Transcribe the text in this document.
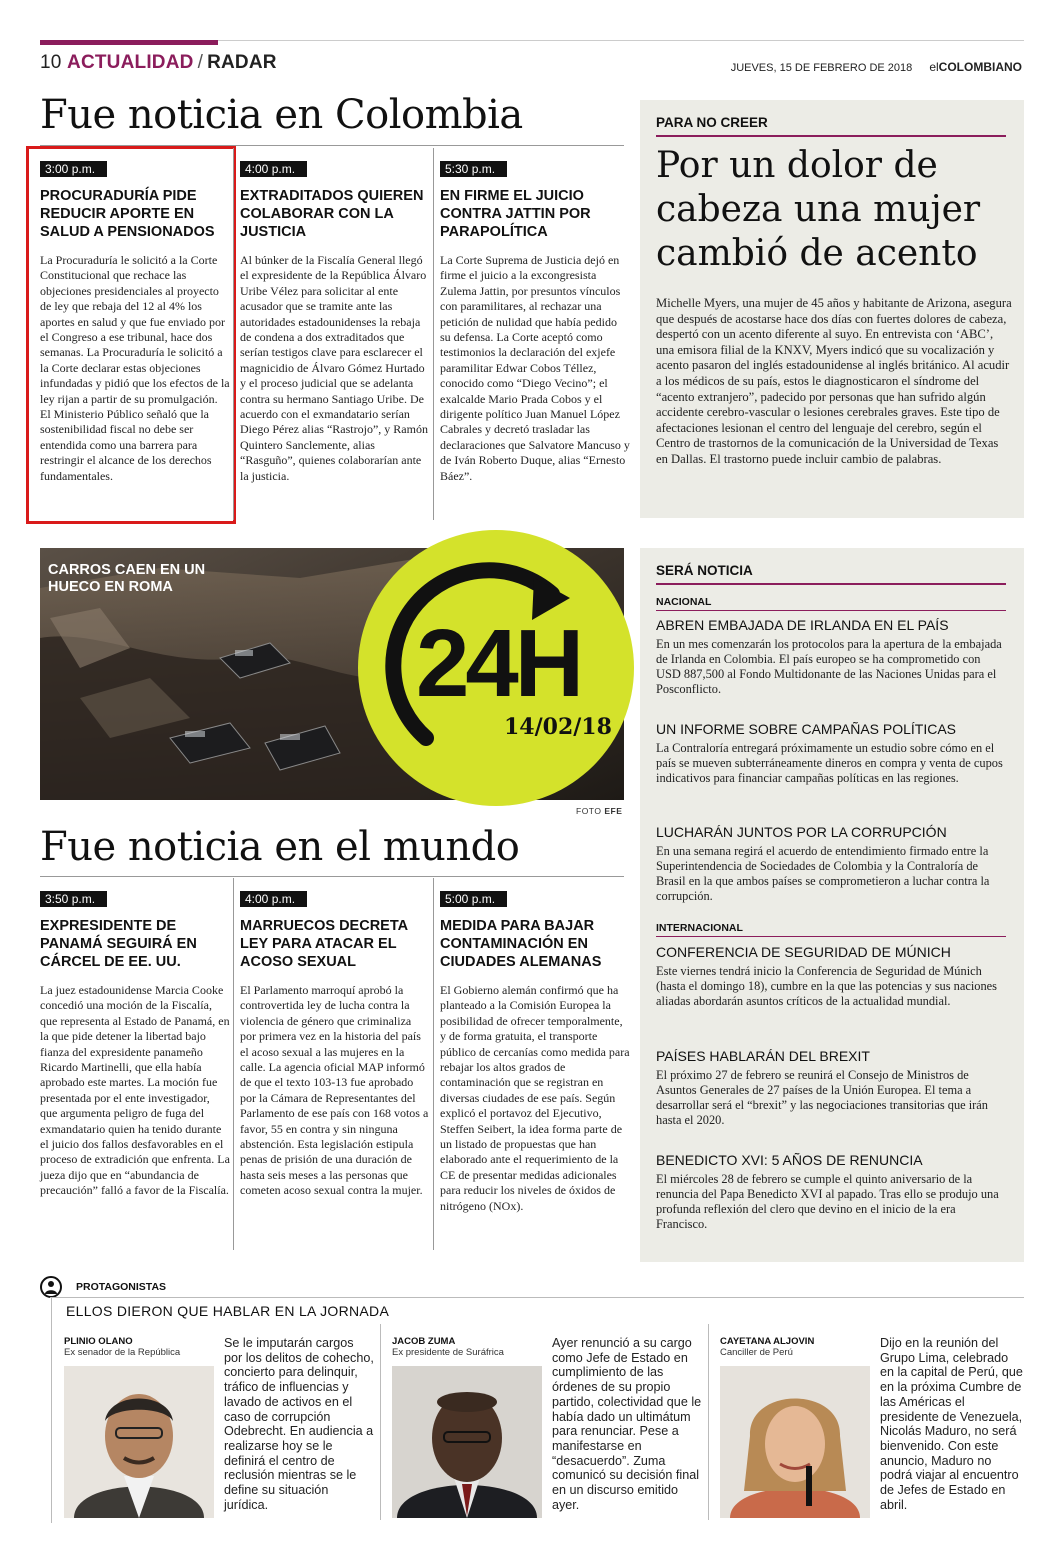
10 ACTUALIDAD / RADAR	JUEVES, 15 DE FEBRERO DE 2018 elCOLOMBIANO
Fue noticia en Colombia
3:00 p.m.
PROCURADURÍA PIDE REDUCIR APORTE EN SALUD A PENSIONADOS
La Procuraduría le solicitó a la Corte Constitucional que rechace las objeciones presidenciales al proyecto de ley que rebaja del 12 al 4% los aportes en salud y que fue enviado por el Congreso a ese tribunal, hace dos semanas. La Procuraduría le solicitó a la Corte declarar estas objeciones infundadas y pidió que los efectos de la ley rijan a partir de su promulgación. El Ministerio Público señaló que la sostenibilidad fiscal no debe ser entendida como una barrera para restringir el alcance de los derechos fundamentales.
4:00 p.m.
EXTRADITADOS QUIEREN COLABORAR CON LA JUSTICIA
Al búnker de la Fiscalía General llegó el expresidente de la República Álvaro Uribe Vélez para solicitar al ente acusador que se tramite ante las autoridades estadounidenses la rebaja de condena a dos extraditados que serían testigos clave para esclarecer el magnicidio de Álvaro Gómez Hurtado y el proceso judicial que se adelanta contra su hermano Santiago Uribe. De acuerdo con el exmandatario serían Diego Pérez alias “Rastrojo”, y Ramón Quintero Sanclemente, alias “Rasguño”, quienes colaborarían ante la justicia.
5:30 p.m.
EN FIRME EL JUICIO CONTRA JATTIN POR PARAPOLÍTICA
La Corte Suprema de Justicia dejó en firme el juicio a la excongresista Zulema Jattin, por presuntos vínculos con paramilitares, al rechazar una petición de nulidad que había pedido su defensa. La Corte aceptó como testimonios la declaración del exjefe paramilitar Edwar Cobos Téllez, conocido como “Diego Vecino”; el exalcalde Mario Prada Cobos y el dirigente político Juan Manuel López Cabrales y decretó trasladar las declaraciones que Salvatore Mancuso y de Iván Roberto Duque, alias “Ernesto Báez”.
PARA NO CREER
Por un dolor de cabeza una mujer cambió de acento
Michelle Myers, una mujer de 45 años y habitante de Arizona, asegura que después de acostarse hace dos días con fuertes dolores de cabeza, despertó con un acento diferente al suyo. En entrevista con ‘ABC’, una emisora filial de la KNXV, Myers indicó que su vocalización y acento pasaron del inglés estadounidense al inglés británico. Al acudir a los médicos de su país, estos le diagnosticaron el síndrome del “acento extranjero”, padecido por personas que han sufrido algún accidente cerebro-vascular o lesiones cerebrales graves. Este tipo de afectaciones lesionan el centro del lenguaje del cerebro, según el Centro de trastornos de la comunicación de la Universidad de Texas en Dallas. El trastorno puede incluir cambio de palabras.
CARROS CAEN EN UN HUECO EN ROMA
24H
14/02/18
FOTO EFE
SERÁ NOTICIA
NACIONAL
ABREN EMBAJADA DE IRLANDA EN EL PAÍS
En un mes comenzarán los protocolos para la apertura de la embajada de Irlanda en Colombia. El país europeo se ha comprometido con USD 887,500 al Fondo Multidonante de las Naciones Unidas para el Posconflicto.
UN INFORME SOBRE CAMPAÑAS POLÍTICAS
La Contraloría entregará próximamente un estudio sobre cómo en el país se mueven subterráneamente dineros en compra y venta de cupos indicativos para financiar campañas políticas en las regiones.
LUCHARÁN JUNTOS POR LA CORRUPCIÓN
En una semana regirá el acuerdo de entendimiento firmado entre la Superintendencia de Sociedades de Colombia y la Contraloría de Brasil en la que ambos países se comprometieron a luchar contra la corrupción.
INTERNACIONAL
CONFERENCIA DE SEGURIDAD DE MÚNICH
Este viernes tendrá inicio la Conferencia de Seguridad de Múnich (hasta el domingo 18), cumbre en la que las potencias y sus naciones aliadas abordarán asuntos críticos de la actualidad mundial.
PAÍSES HABLARÁN DEL BREXIT
El próximo 27 de febrero se reunirá el Consejo de Ministros de Asuntos Generales de 27 países de la Unión Europea. El tema a desarrollar será el “brexit” y las negociaciones transitorias que irán hasta el 2020.
BENEDICTO XVI: 5 AÑOS DE RENUNCIA
El miércoles 28 de febrero se cumple el quinto aniversario de la renuncia del Papa Benedicto XVI al papado. Tras ello se produjo una profunda reflexión del clero que devino en el inicio de la era Francisco.
Fue noticia en el mundo
3:50 p.m.
EXPRESIDENTE DE PANAMÁ SEGUIRÁ EN CÁRCEL DE EE. UU.
La juez estadounidense Marcia Cooke concedió una moción de la Fiscalía, que representa al Estado de Panamá, en la que pide detener la libertad bajo fianza del expresidente panameño Ricardo Martinelli, que ella había aprobado este martes. La moción fue presentada por el ente investigador, que argumenta peligro de fuga del exmandatario quien ha tenido durante el juicio dos fallos desfavorables en el proceso de extradición que enfrenta. La jueza dijo que en “abundancia de precaución” falló a favor de la Fiscalía.
4:00 p.m.
MARRUECOS DECRETA LEY PARA ATACAR EL ACOSO SEXUAL
El Parlamento marroquí aprobó la controvertida ley de lucha contra la violencia de género que criminaliza por primera vez en la historia del país el acoso sexual a las mujeres en la calle. La agencia oficial MAP informó de que el texto 103-13 fue aprobado por la Cámara de Representantes del Parlamento de ese país con 168 votos a favor, 55 en contra y sin ninguna abstención. Esta legislación estipula penas de prisión de una duración de hasta seis meses a las personas que cometen acoso sexual contra la mujer.
5:00 p.m.
MEDIDA PARA BAJAR CONTAMINACIÓN EN CIUDADES ALEMANAS
El Gobierno alemán confirmó que ha planteado a la Comisión Europea la posibilidad de ofrecer temporalmente, y de forma gratuita, el transporte público de cercanías como medida para rebajar los altos grados de contaminación que se registran en diversas ciudades de ese país. Según explicó el portavoz del Ejecutivo, Steffen Seibert, la idea forma parte de un listado de propuestas que han elaborado ante el requerimiento de la CE de presentar medidas adicionales para reducir los niveles de óxidos de nitrógeno (NOx).
PROTAGONISTAS
ELLOS DIERON QUE HABLAR EN LA JORNADA
PLINIO OLANO
Ex senador de la República
Se le imputarán cargos por los delitos de cohecho, concierto para delinquir, tráfico de influencias y lavado de activos en el caso de corrupción Odebrecht. En audiencia a realizarse hoy se le definirá el centro de reclusión mientras se le define su situación jurídica.
JACOB ZUMA
Ex presidente de Suráfrica
Ayer renunció a su cargo como Jefe de Estado en cumplimiento de las órdenes de su propio partido, colectividad que le había dado un ultimátum para renunciar. Pese a manifestarse en “desacuerdo”. Zuma comunicó su decisión final en un discurso emitido ayer.
CAYETANA ALJOVIN
Canciller de Perú
Dijo en la reunión del Grupo Lima, celebrado en la capital de Perú, que en la próxima Cumbre de las Américas el presidente de Venezuela, Nicolás Maduro, no será bienvenido. Con este anuncio, Maduro no podrá viajar al encuentro de Jefes de Estado en abril.
